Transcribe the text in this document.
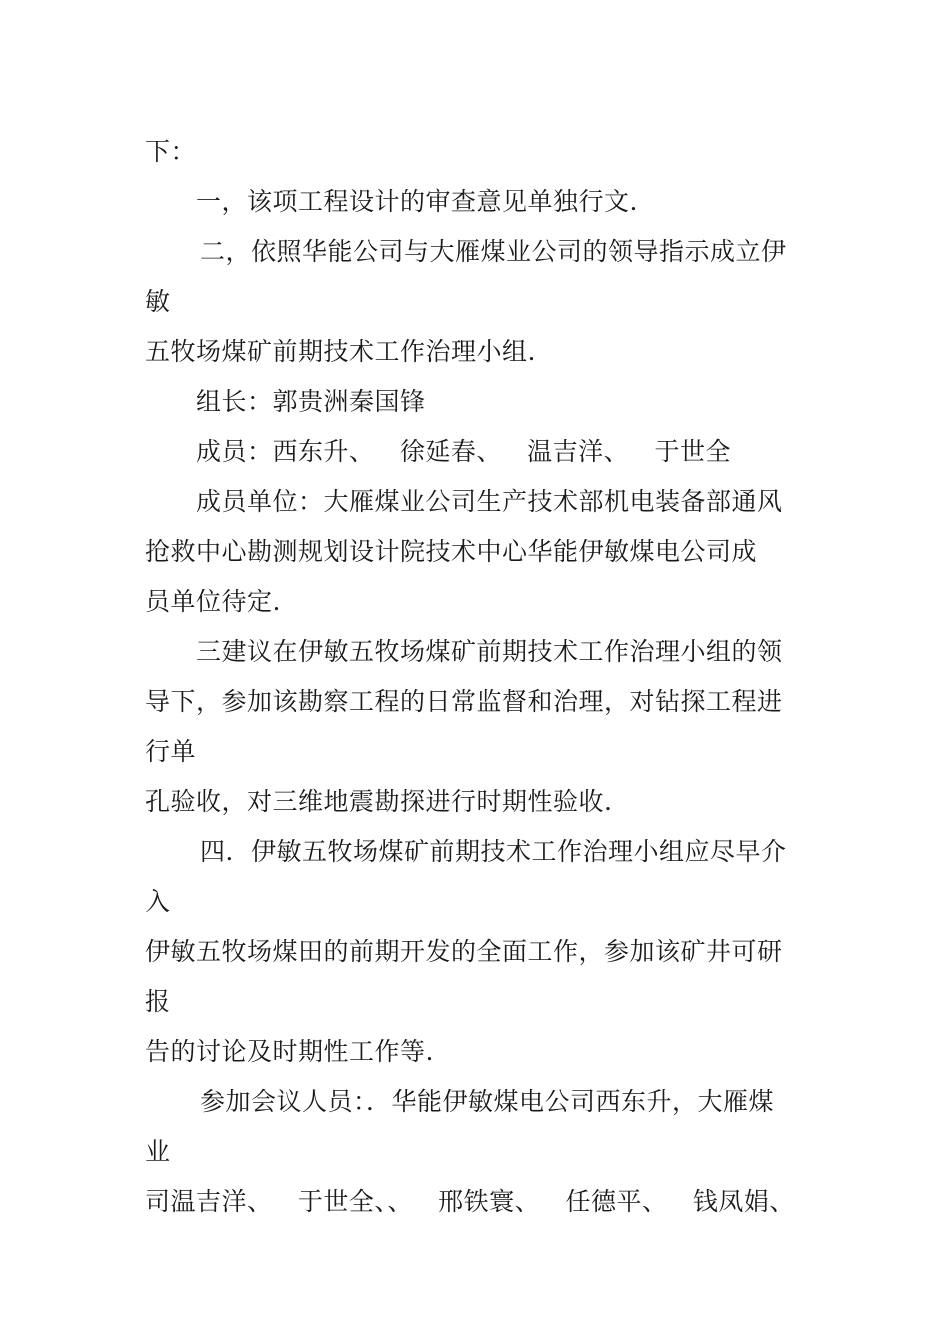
下：
一，该项工程设计的审查意见单独行文.
二，依照华能公司与大雁煤业公司的领导指示成立伊
敏
五牧场煤矿前期技术工作治理小组.
组长：郭贵洲秦国锋
成员：西东升、   徐延春、   温吉洋、   于世全
成员单位：大雁煤业公司生产技术部机电装备部通风
抢救中心勘测规划设计院技术中心华能伊敏煤电公司成
员单位待定.
三建议在伊敏五牧场煤矿前期技术工作治理小组的领
导下，参加该勘察工程的日常监督和治理，对钻探工程进
行单
孔验收，对三维地震勘探进行时期性验收.
四．伊敏五牧场煤矿前期技术工作治理小组应尽早介
入
伊敏五牧场煤田的前期开发的全面工作，参加该矿井可研
报
告的讨论及时期性工作等.
参加会议人员：．华能伊敏煤电公司西东升，大雁煤
业
司温吉洋、   于世全、、   邢铁寰、   任德平、   钱凤娟、
